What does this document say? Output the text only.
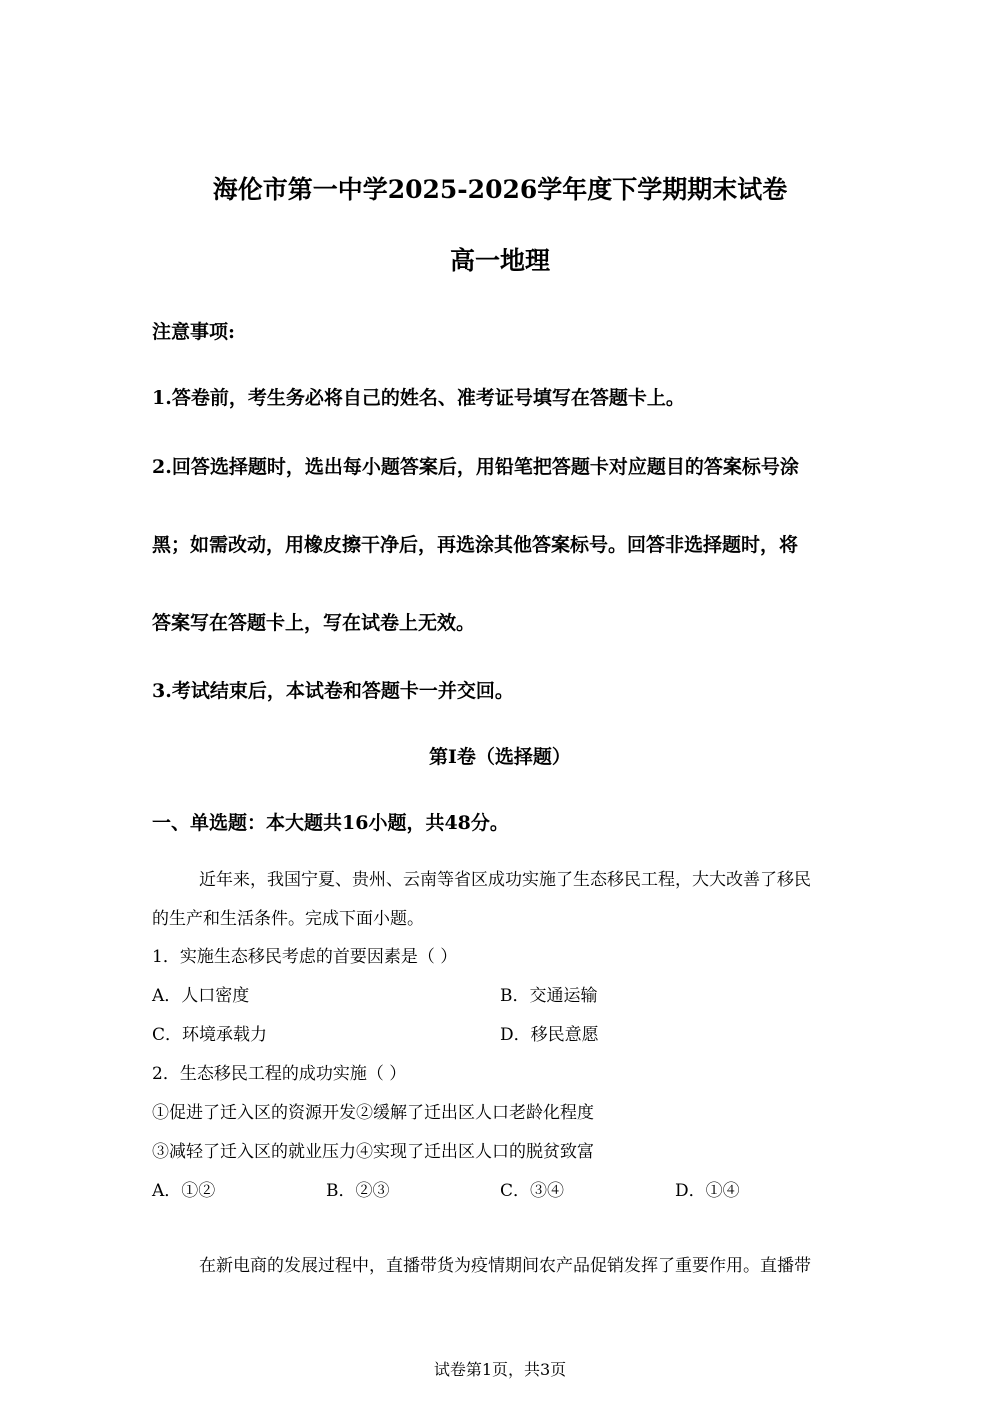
海伦市第一中学2025-2026学年度下学期期末试卷
高一地理
注意事项:
1.答卷前，考生务必将自己的姓名、准考证号填写在答题卡上。
2.回答选择题时，选出每小题答案后，用铅笔把答题卡对应题目的答案标号涂
黑；如需改动，用橡皮擦干净后，再选涂其他答案标号。回答非选择题时，将
答案写在答题卡上，写在试卷上无效。
3.考试结束后，本试卷和答题卡一并交回。
第I卷（选择题）
一、单选题：本大题共16小题，共48分。
近年来，我国宁夏、贵州、云南等省区成功实施了生态移民工程，大大改善了移民
的生产和生活条件。完成下面小题。
1．实施生态移民考虑的首要因素是（ ）
A．人口密度	B．交通运输
C．环境承载力	D．移民意愿
2．生态移民工程的成功实施（ ）
①促进了迁入区的资源开发②缓解了迁出区人口老龄化程度
③减轻了迁入区的就业压力④实现了迁出区人口的脱贫致富
A．①②	B．②③	C．③④	D．①④
在新电商的发展过程中，直播带货为疫情期间农产品促销发挥了重要作用。直播带
试卷第1页，共3页
